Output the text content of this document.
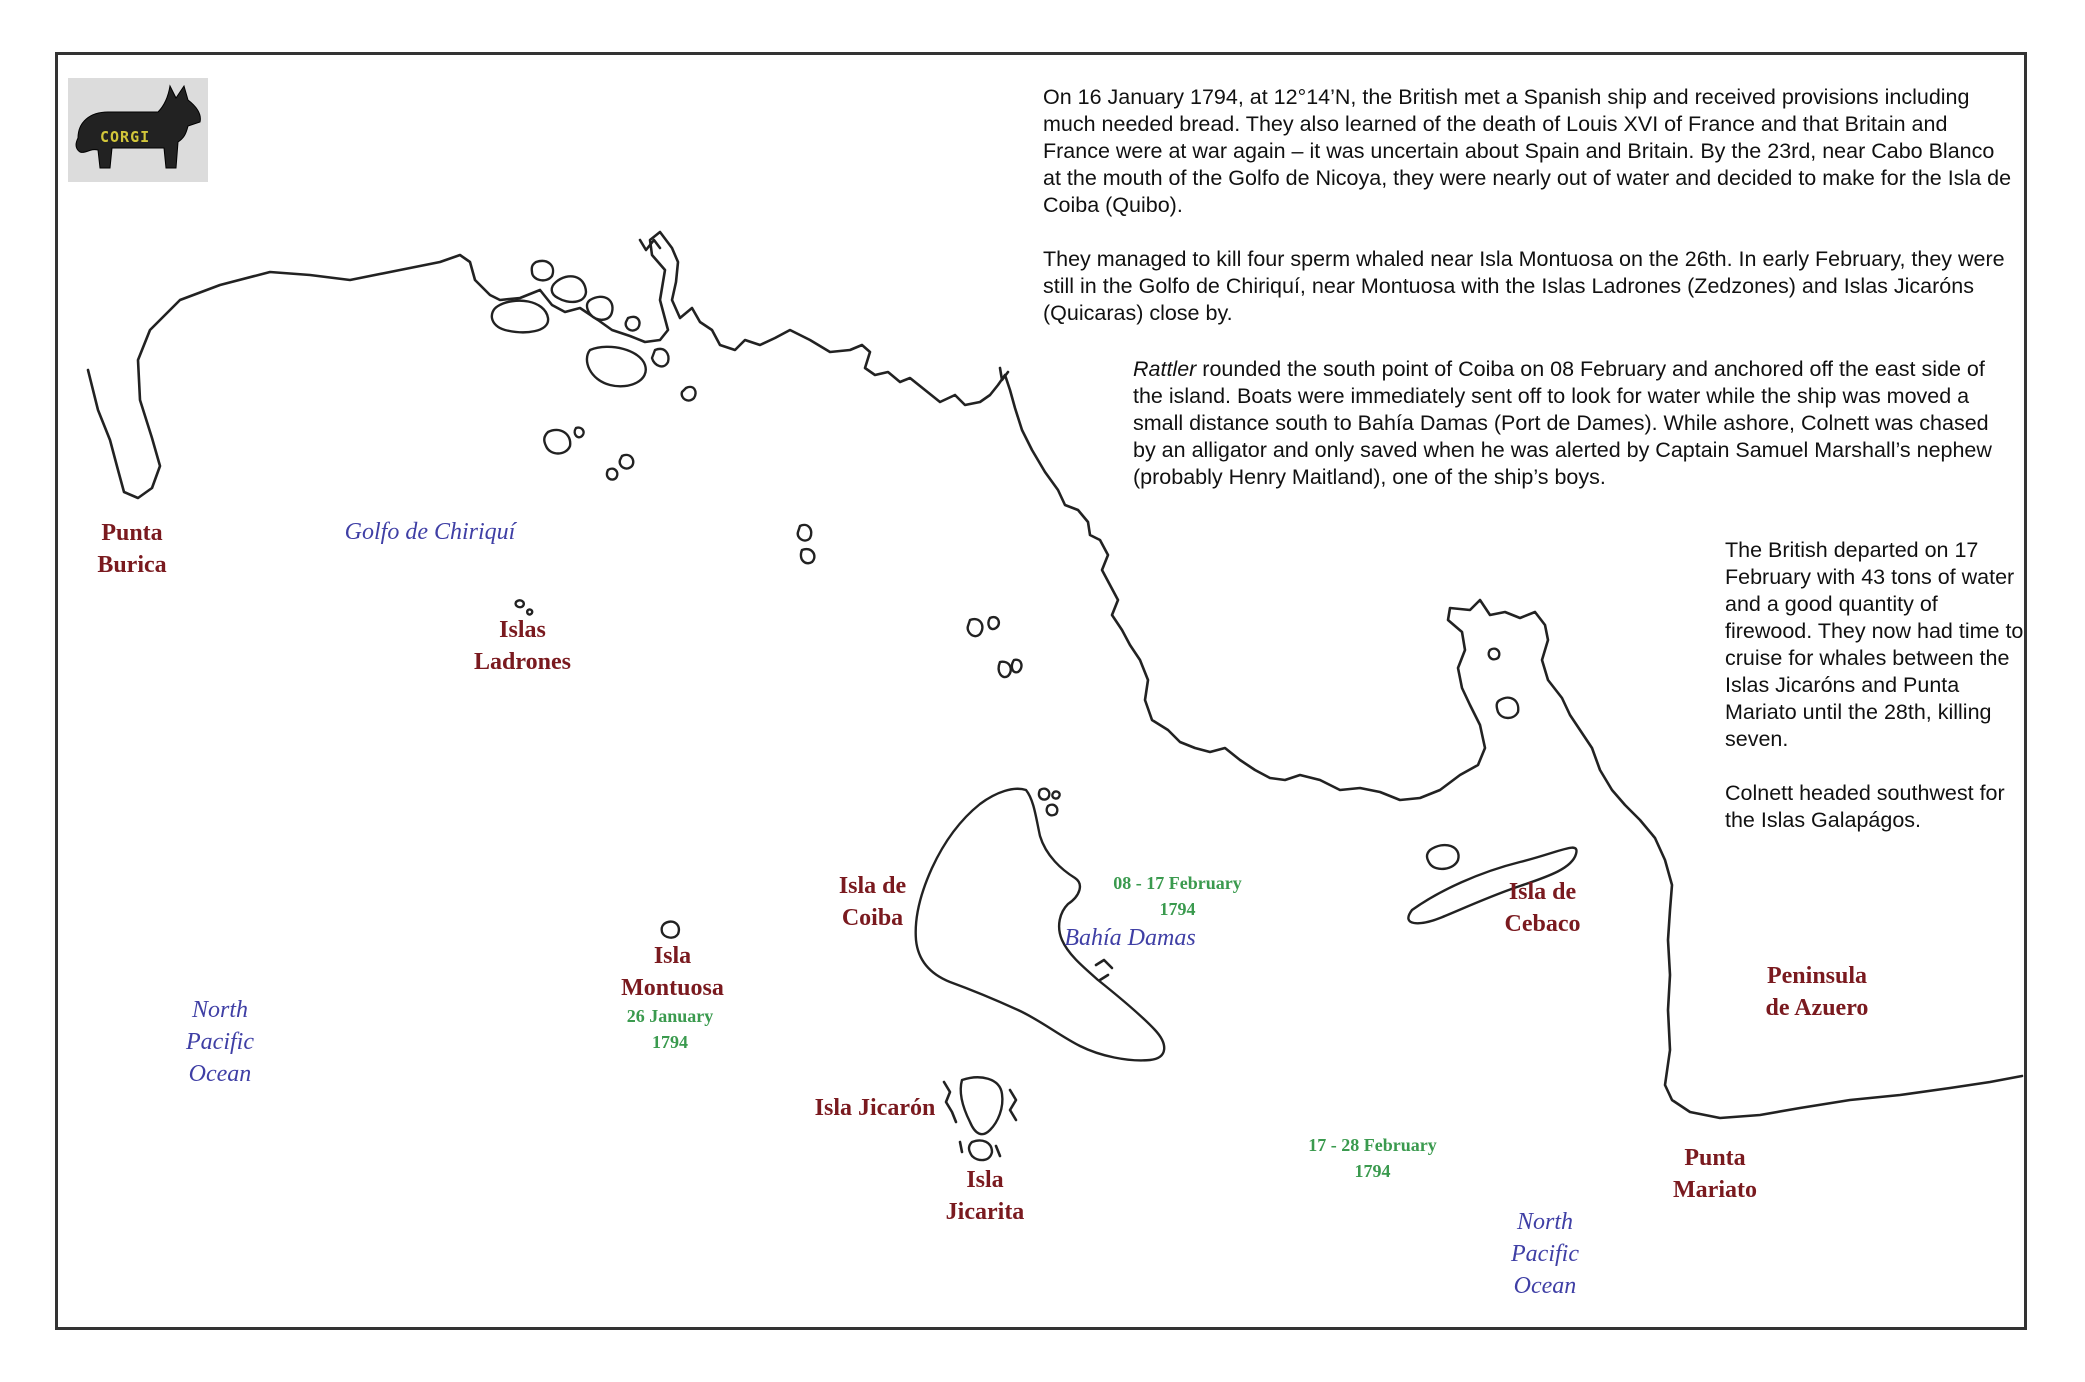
CORGI

On 16 January 1794, at 12°14’N, the British met a Spanish ship and received provisions including much needed bread. They also learned of the death of Louis XVI of France and that Britain and France were at war again – it was uncertain about Spain and Britain. By the 23rd, near Cabo Blanco at the mouth of the Golfo de Nicoya, they were nearly out of water and decided to make for the Isla de Coiba (Quibo).

They managed to kill four sperm whaled near Isla Montuosa on the 26th. In early February, they were still in the Golfo de Chiriquí, near Montuosa with the Islas Ladrones (Zedzones) and Islas Jicaróns (Quicaras) close by.

Rattler rounded the south point of Coiba on 08 February and anchored off the east side of the island. Boats were immediately sent off to look for water while the ship was moved a small distance south to Bahía Damas (Port de Dames). While ashore, Colnett was chased by an alligator and only saved when he was alerted by Captain Samuel Marshall’s nephew (probably Henry Maitland), one of the ship’s boys.

The British departed on 17 February with 43 tons of water and a good quantity of firewood. They now had time to cruise for whales between the Islas Jicaróns and Punta Mariato until the 28th, killing seven.

Colnett headed southwest for the Islas Galapágos.

Punta
Burica
Islas
Ladrones
Isla
Montuosa
Isla de
Coiba
Isla Jicarón
Isla
Jicarita
Isla de
Cebaco
Peninsula
de Azuero
Punta
Mariato
Golfo de Chiriquí
Bahía Damas
North
Pacific
Ocean
North
Pacific
Ocean
26 January
1794
08 - 17 February
1794
17 - 28 February
1794
